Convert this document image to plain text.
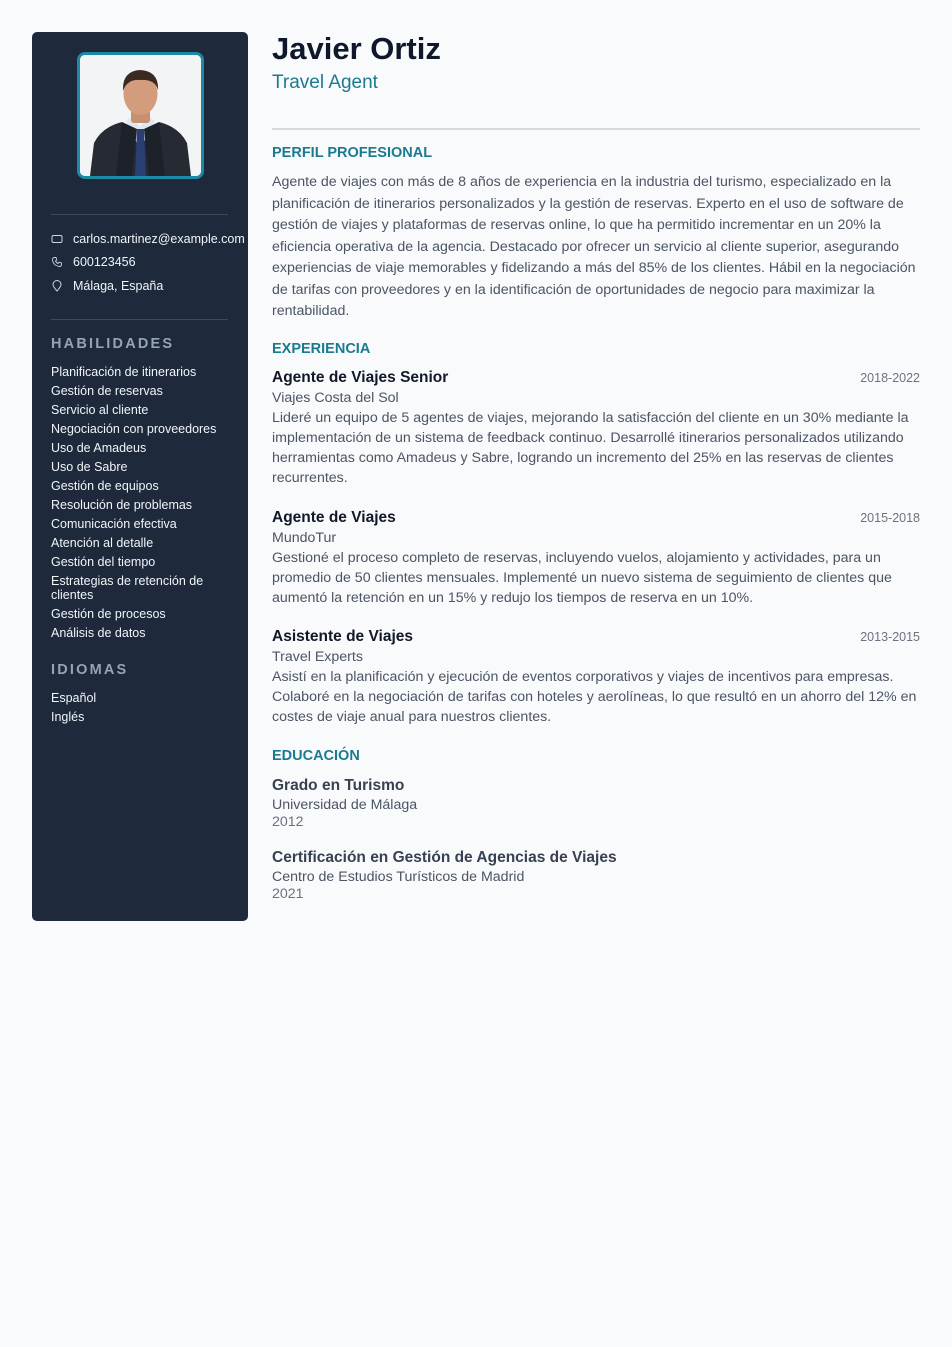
carlos.martinez@example.com
600123456
Málaga, España
HABILIDADES
Planificación de itinerarios
Gestión de reservas
Servicio al cliente
Negociación con proveedores
Uso de Amadeus
Uso de Sabre
Gestión de equipos
Resolución de problemas
Comunicación efectiva
Atención al detalle
Gestión del tiempo
Estrategias de retención de clientes
Gestión de procesos
Análisis de datos
IDIOMAS
Español
Inglés
Javier Ortiz
Travel Agent
PERFIL PROFESIONAL

Agente de viajes con más de 8 años de experiencia en la industria del turismo, especializado en la planificación de itinerarios personalizados y la gestión de reservas. Experto en el uso de software de gestión de viajes y plataformas de reservas online, lo que ha permitido incrementar en un 20% la eficiencia operativa de la agencia. Destacado por ofrecer un servicio al cliente superior, asegurando experiencias de viaje memorables y fidelizando a más del 85% de los clientes. Hábil en la negociación de tarifas con proveedores y en la identificación de oportunidades de negocio para maximizar la rentabilidad.

EXPERIENCIA
Agente de Viajes Senior	2018-2022
Viajes Costa del Sol

Lideré un equipo de 5 agentes de viajes, mejorando la satisfacción del cliente en un 30% mediante la implementación de un sistema de feedback continuo. Desarrollé itinerarios personalizados utilizando herramientas como Amadeus y Sabre, logrando un incremento del 25% en las reservas de clientes recurrentes.

Agente de Viajes	2015-2018
MundoTur

Gestioné el proceso completo de reservas, incluyendo vuelos, alojamiento y actividades, para un promedio de 50 clientes mensuales. Implementé un nuevo sistema de seguimiento de clientes que aumentó la retención en un 15% y redujo los tiempos de reserva en un 10%.

Asistente de Viajes	2013-2015
Travel Experts

Asistí en la planificación y ejecución de eventos corporativos y viajes de incentivos para empresas. Colaboré en la negociación de tarifas con hoteles y aerolíneas, lo que resultó en un ahorro del 12% en costes de viaje anual para nuestros clientes.

EDUCACIÓN
Grado en Turismo
Universidad de Málaga
2012
Certificación en Gestión de Agencias de Viajes
Centro de Estudios Turísticos de Madrid
2021
